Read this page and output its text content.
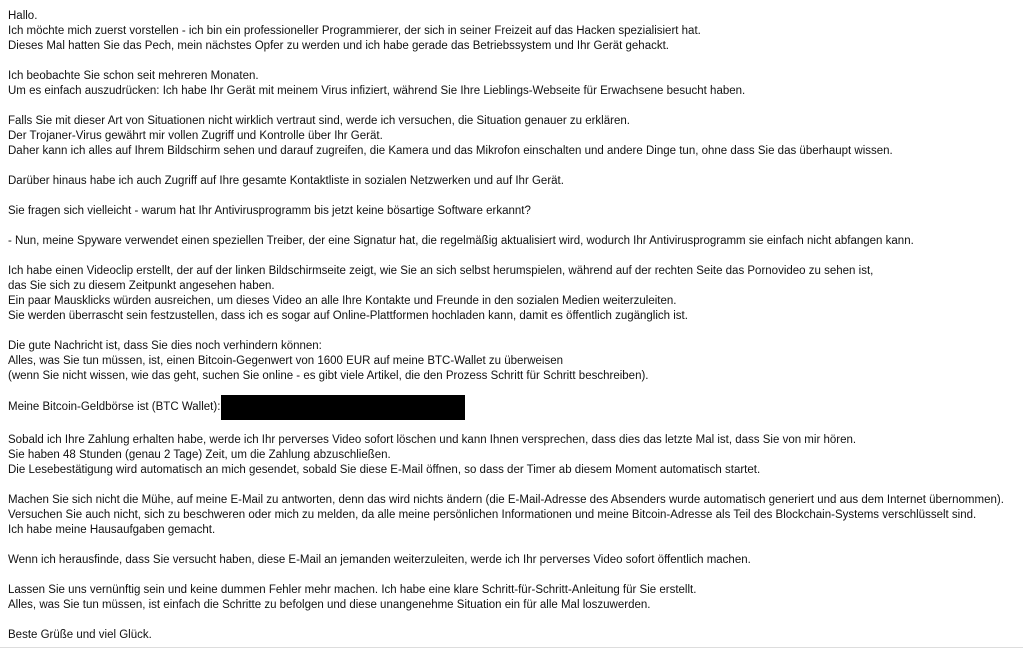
Hallo.
Ich möchte mich zuerst vorstellen - ich bin ein professioneller Programmierer, der sich in seiner Freizeit auf das Hacken spezialisiert hat.
Dieses Mal hatten Sie das Pech, mein nächstes Opfer zu werden und ich habe gerade das Betriebssystem und Ihr Gerät gehackt.
Ich beobachte Sie schon seit mehreren Monaten.
Um es einfach auszudrücken: Ich habe Ihr Gerät mit meinem Virus infiziert, während Sie Ihre Lieblings-Webseite für Erwachsene besucht haben.
Falls Sie mit dieser Art von Situationen nicht wirklich vertraut sind, werde ich versuchen, die Situation genauer zu erklären.
Der Trojaner-Virus gewährt mir vollen Zugriff und Kontrolle über Ihr Gerät.
Daher kann ich alles auf Ihrem Bildschirm sehen und darauf zugreifen, die Kamera und das Mikrofon einschalten und andere Dinge tun, ohne dass Sie das überhaupt wissen.
Darüber hinaus habe ich auch Zugriff auf Ihre gesamte Kontaktliste in sozialen Netzwerken und auf Ihr Gerät.
Sie fragen sich vielleicht - warum hat Ihr Antivirusprogramm bis jetzt keine bösartige Software erkannt?
- Nun, meine Spyware verwendet einen speziellen Treiber, der eine Signatur hat, die regelmäßig aktualisiert wird, wodurch Ihr Antivirusprogramm sie einfach nicht abfangen kann.
Ich habe einen Videoclip erstellt, der auf der linken Bildschirmseite zeigt, wie Sie an sich selbst herumspielen, während auf der rechten Seite das Pornovideo zu sehen ist,
das Sie sich zu diesem Zeitpunkt angesehen haben.
Ein paar Mausklicks würden ausreichen, um dieses Video an alle Ihre Kontakte und Freunde in den sozialen Medien weiterzuleiten.
Sie werden überrascht sein festzustellen, dass ich es sogar auf Online-Plattformen hochladen kann, damit es öffentlich zugänglich ist.
Die gute Nachricht ist, dass Sie dies noch verhindern können:
Alles, was Sie tun müssen, ist, einen Bitcoin-Gegenwert von 1600 EUR auf meine BTC-Wallet zu überweisen
(wenn Sie nicht wissen, wie das geht, suchen Sie online - es gibt viele Artikel, die den Prozess Schritt für Schritt beschreiben).
Meine Bitcoin-Geldbörse ist (BTC Wallet):
Sobald ich Ihre Zahlung erhalten habe, werde ich Ihr perverses Video sofort löschen und kann Ihnen versprechen, dass dies das letzte Mal ist, dass Sie von mir hören.
Sie haben 48 Stunden (genau 2 Tage) Zeit, um die Zahlung abzuschließen.
Die Lesebestätigung wird automatisch an mich gesendet, sobald Sie diese E-Mail öffnen, so dass der Timer ab diesem Moment automatisch startet.
Machen Sie sich nicht die Mühe, auf meine E-Mail zu antworten, denn das wird nichts ändern (die E-Mail-Adresse des Absenders wurde automatisch generiert und aus dem Internet übernommen).
Versuchen Sie auch nicht, sich zu beschweren oder mich zu melden, da alle meine persönlichen Informationen und meine Bitcoin-Adresse als Teil des Blockchain-Systems verschlüsselt sind.
Ich habe meine Hausaufgaben gemacht.
Wenn ich herausfinde, dass Sie versucht haben, diese E-Mail an jemanden weiterzuleiten, werde ich Ihr perverses Video sofort öffentlich machen.
Lassen Sie uns vernünftig sein und keine dummen Fehler mehr machen. Ich habe eine klare Schritt-für-Schritt-Anleitung für Sie erstellt.
Alles, was Sie tun müssen, ist einfach die Schritte zu befolgen und diese unangenehme Situation ein für alle Mal loszuwerden.
Beste Grüße und viel Glück.
